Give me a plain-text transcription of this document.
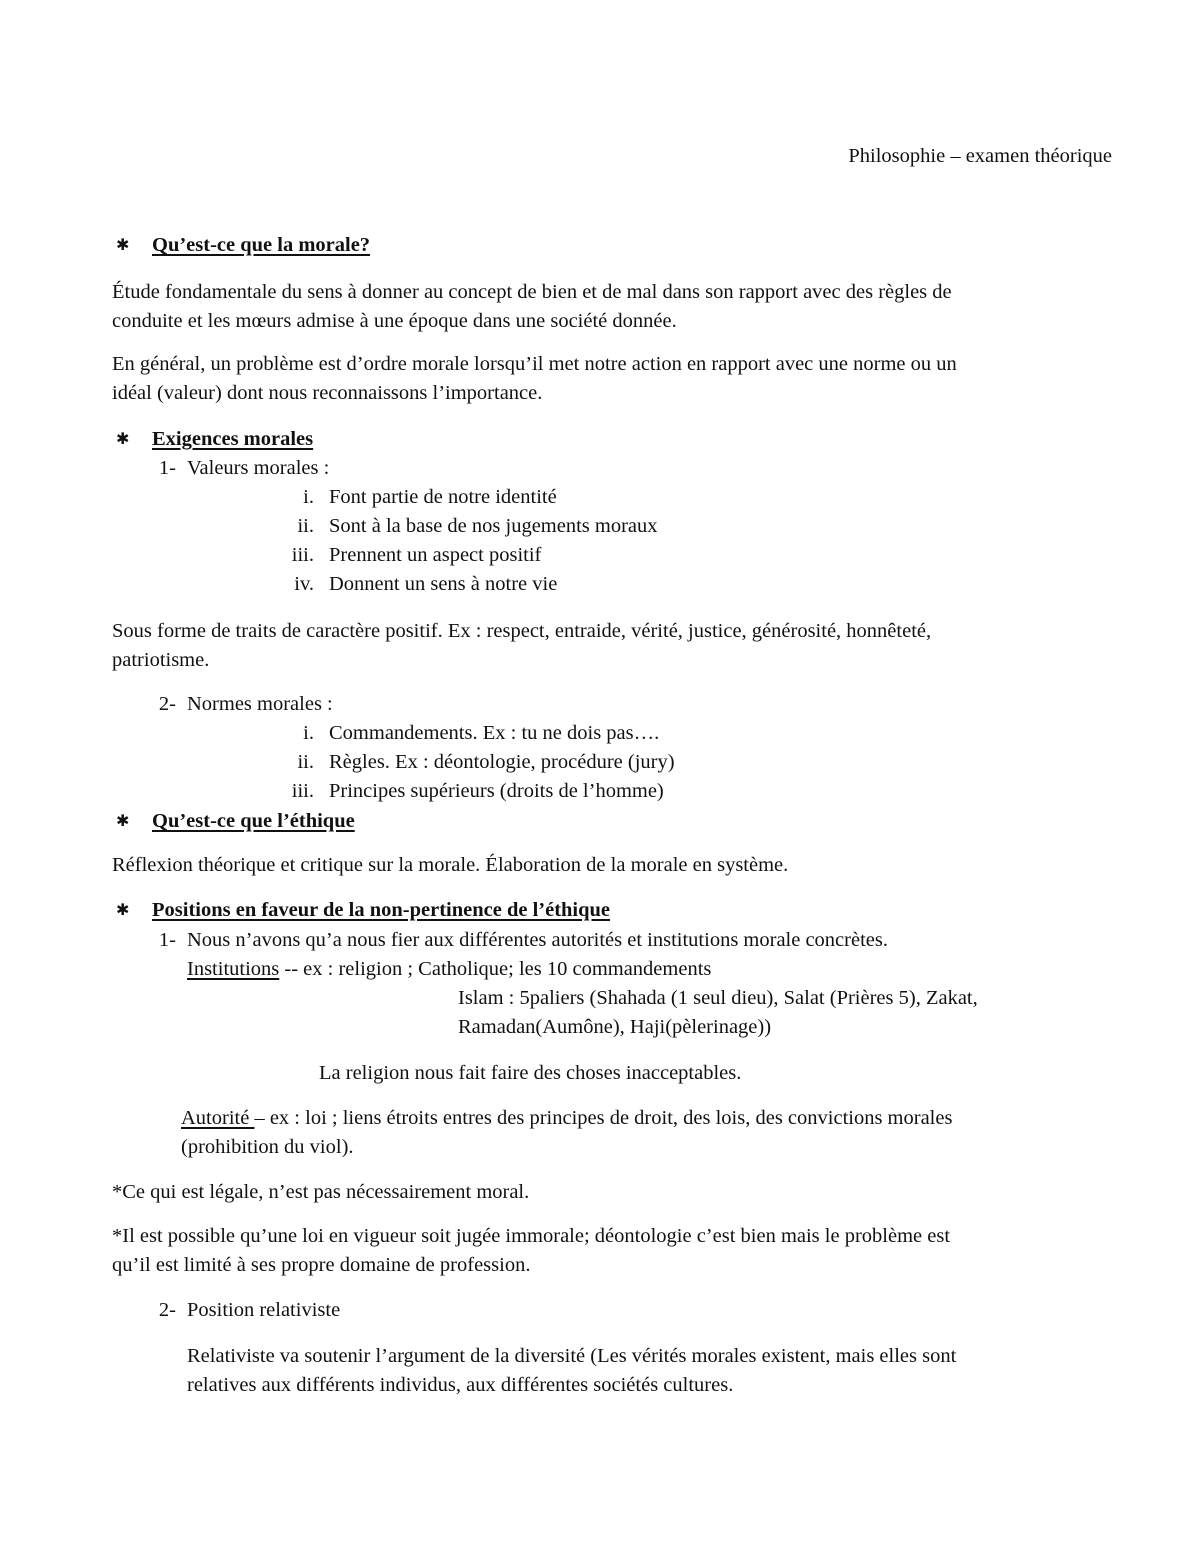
Philosophie – examen théorique
✱ Qu’est-ce que la morale?
Étude fondamentale du sens à donner au concept de bien et de mal dans son rapport avec des règles de
conduite et les mœurs admise à une époque dans une société donnée.
En général, un problème est d’ordre morale lorsqu’il met notre action en rapport avec une norme ou un
idéal (valeur) dont nous reconnaissons l’importance.
✱ Exigences morales
1- Valeurs morales :
i. Font partie de notre identité
ii. Sont à la base de nos jugements moraux
iii. Prennent un aspect positif
iv. Donnent un sens à notre vie
Sous forme de traits de caractère positif. Ex : respect, entraide, vérité, justice, générosité, honnêteté,
patriotisme.
2- Normes morales :
i. Commandements. Ex : tu ne dois pas….
ii. Règles. Ex : déontologie, procédure (jury)
iii. Principes supérieurs (droits de l’homme)
✱ Qu’est-ce que l’éthique
Réflexion théorique et critique sur la morale. Élaboration de la morale en système.
✱ Positions en faveur de la non-pertinence de l’éthique
1- Nous n’avons qu’a nous fier aux différentes autorités et institutions morale concrètes.
Institutions -- ex : religion ; Catholique; les 10 commandements
Islam : 5paliers (Shahada (1 seul dieu), Salat (Prières 5), Zakat,
Ramadan(Aumône), Haji(pèlerinage))
La religion nous fait faire des choses inacceptables.
Autorité – ex : loi ; liens étroits entres des principes de droit, des lois, des convictions morales
(prohibition du viol).
*Ce qui est légale, n’est pas nécessairement moral.
*Il est possible qu’une loi en vigueur soit jugée immorale; déontologie c’est bien mais le problème est
qu’il est limité à ses propre domaine de profession.
2- Position relativiste
Relativiste va soutenir l’argument de la diversité (Les vérités morales existent, mais elles sont
relatives aux différents individus, aux différentes sociétés cultures.
